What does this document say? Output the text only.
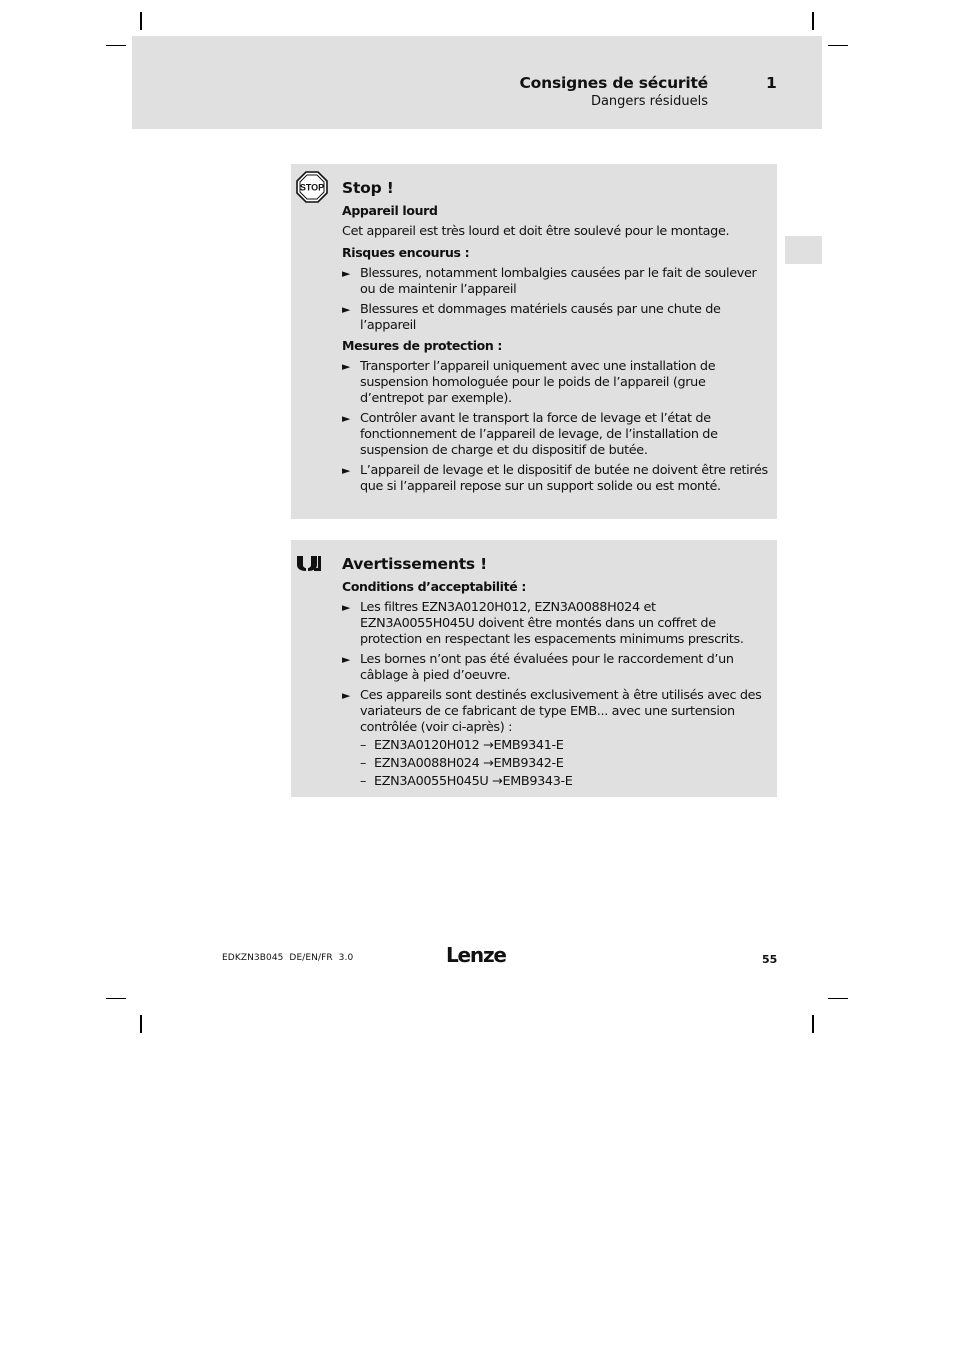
Consignes de sécurité	1
Dangers résiduels
STOP Stop !
Appareil lourd
Cet appareil est très lourd et doit être soulevé pour le montage.
Risques encourus :
► Blessures, notamment lombalgies causées par le fait de soulever ou de maintenir l’appareil
► Blessures et dommages matériels causés par une chute de l’appareil
Mesures de protection :
► Transporter l’appareil uniquement avec une installation de suspension homologuée pour le poids de l’appareil (grue d’entrepot par exemple).
► Contrôler avant le transport la force de levage et l’état de fonctionnement de l’appareil de levage, de l’installation de suspension de charge et du dispositif de butée.
► L’appareil de levage et le dispositif de butée ne doivent être retirés que si l’appareil repose sur un support solide ou est monté.
Avertissements !
Conditions d’acceptabilité :
► Les filtres EZN3A0120H012, EZN3A0088H024 et EZN3A0055H045U doivent être montés dans un coffret de protection en respectant les espacements minimums prescrits.
► Les bornes n’ont pas été évaluées pour le raccordement d’un câblage à pied d’oeuvre.
► Ces appareils sont destinés exclusivement à être utilisés avec des variateurs de ce fabricant de type EMB... avec une surtension contrôlée (voir ci-après) :
– EZN3A0120H012 →EMB9341-E
– EZN3A0088H024 →EMB9342-E
– EZN3A0055H045U →EMB9343-E
EDKZN3B045  DE/EN/FR  3.0	Lenze	55
